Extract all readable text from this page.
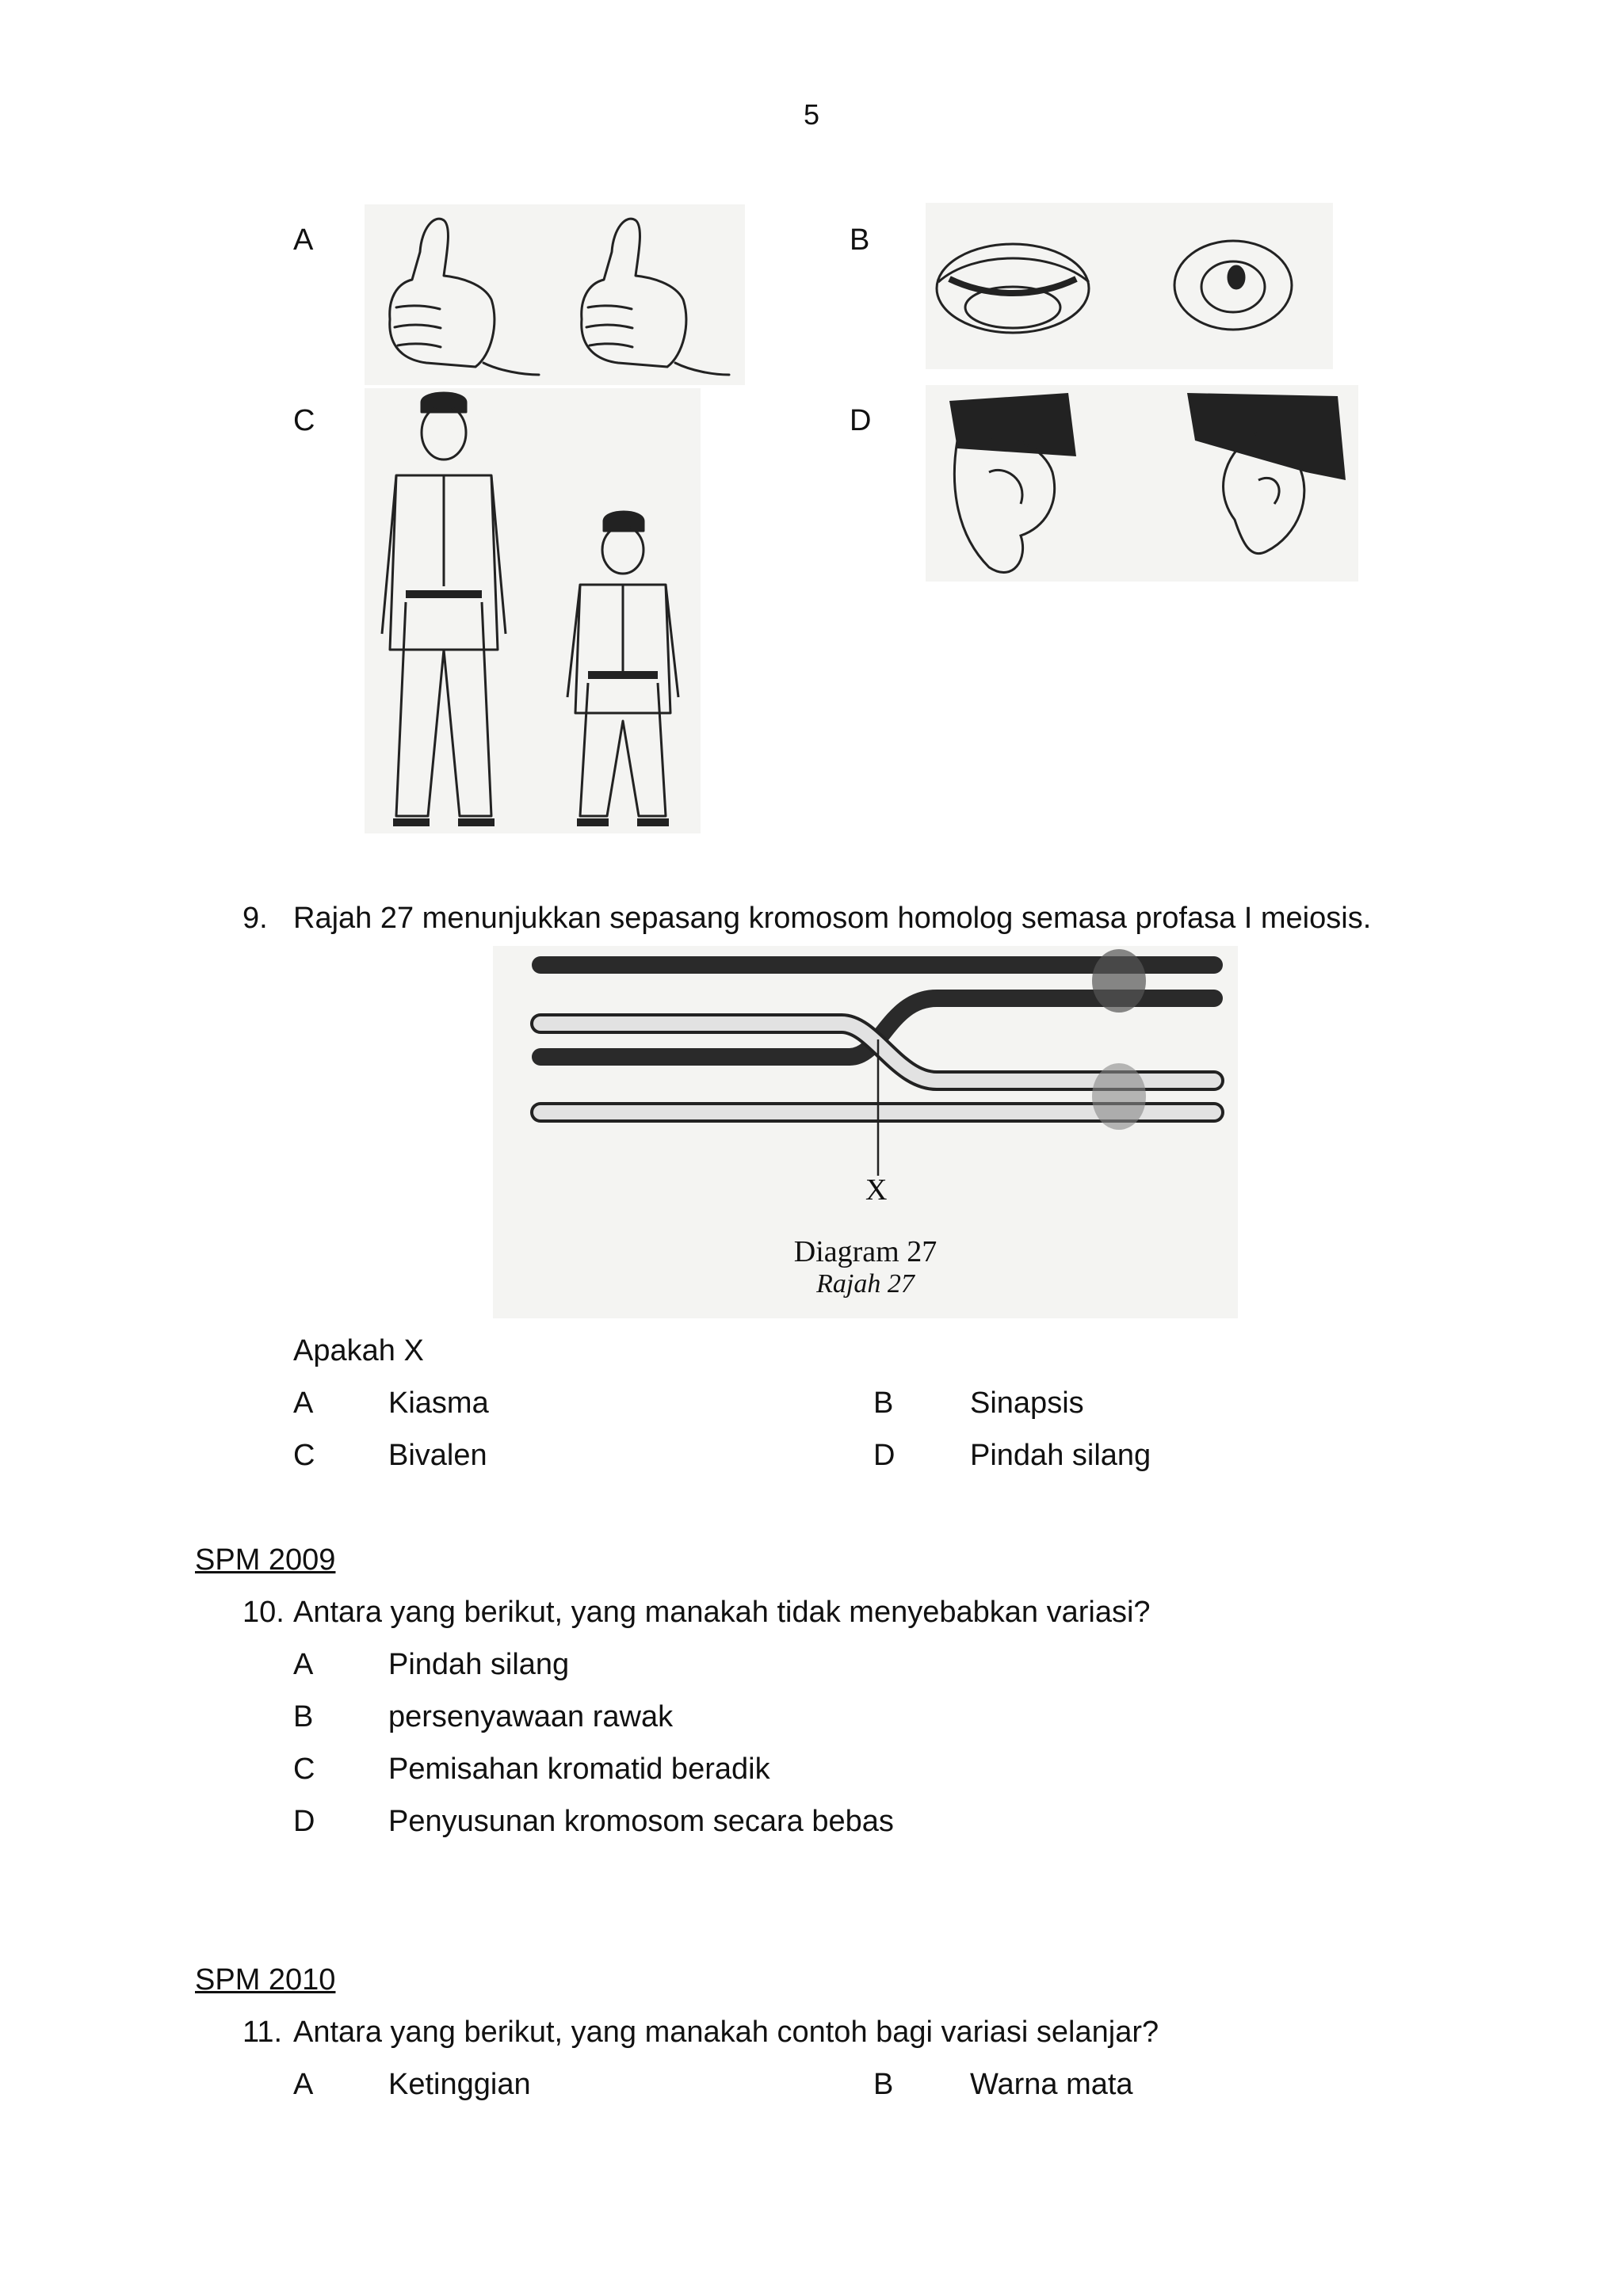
5
A	B
C	D
9. Rajah 27 menunjukkan sepasang kromosom homolog semasa profasa I meiosis.
X
Diagram 27
Rajah 27
Apakah X
A Kiasma	B	Sinapsis
C Bivalen	D Pindah silang
SPM 2009
10. Antara yang berikut, yang manakah tidak menyebabkan variasi?
A Pindah silang
B persenyawaan rawak
C Pemisahan kromatid beradik
D Penyusunan kromosom secara bebas
SPM 2010
11. Antara yang berikut, yang manakah contoh bagi variasi selanjar?
A Ketinggian	B	Warna mata
